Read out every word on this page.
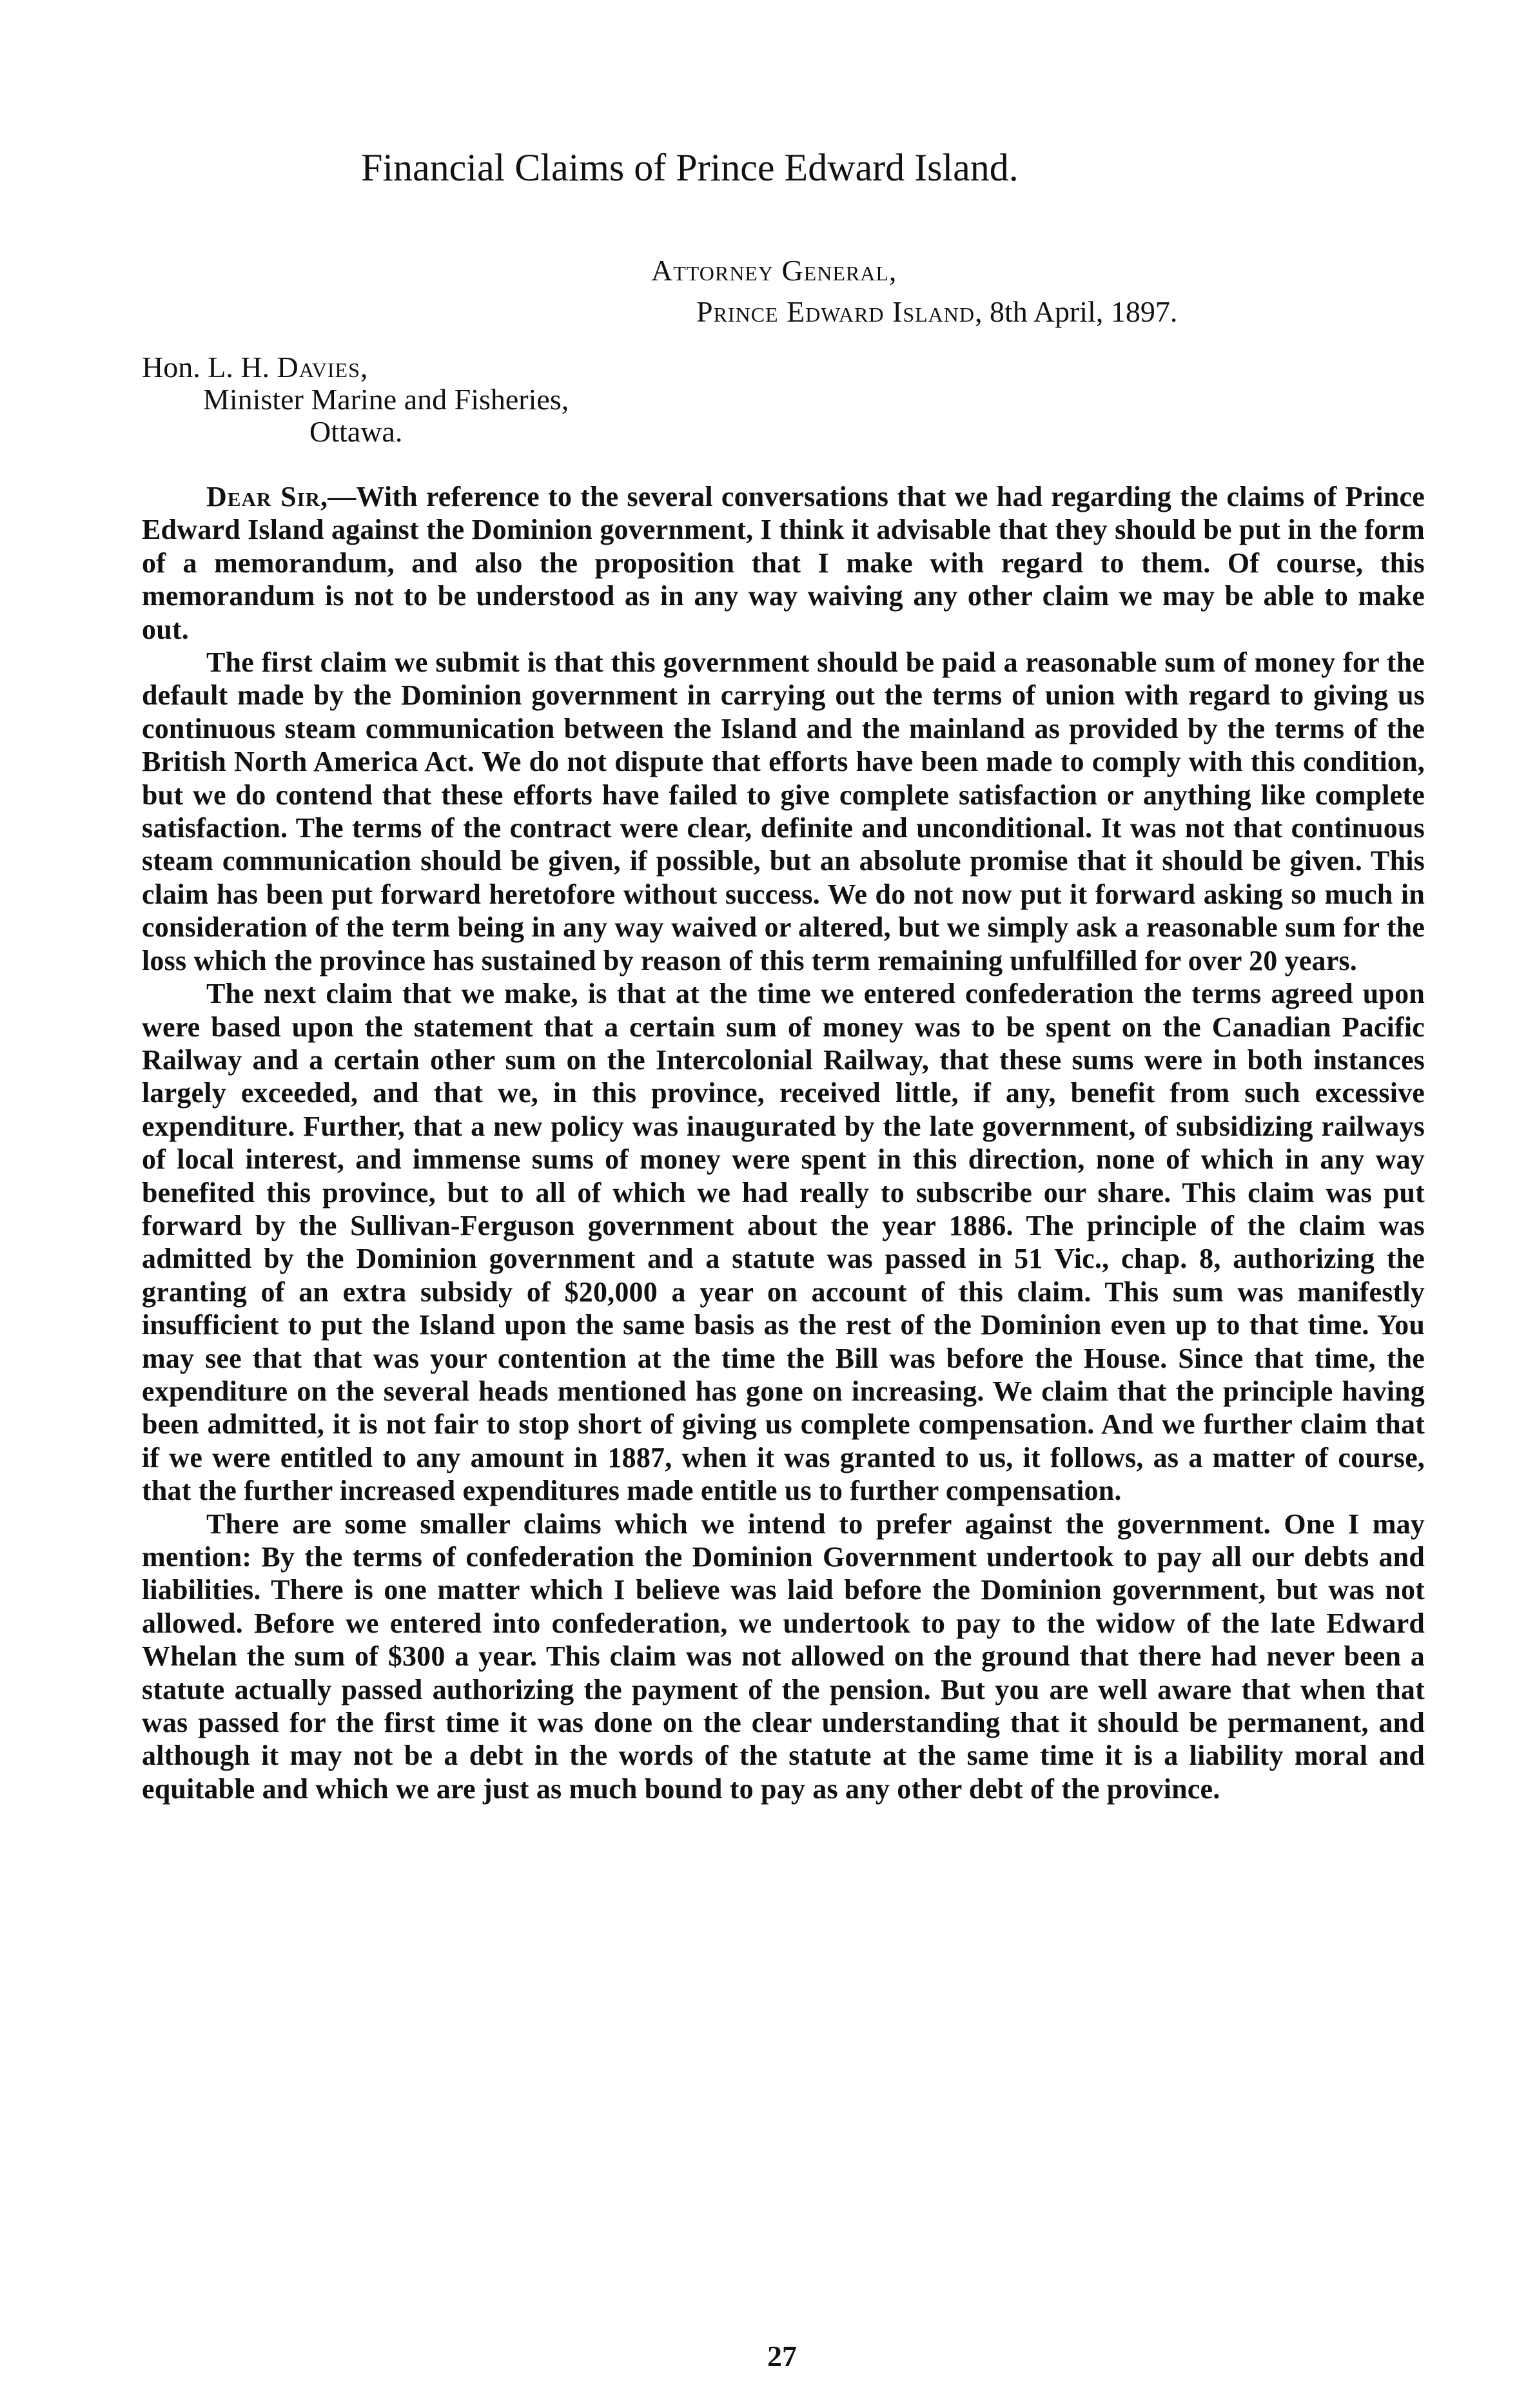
Financial Claims of Prince Edward Island.
Attorney General,
Prince Edward Island, 8th April, 1897.
Hon. L. H. Davies,
Minister Marine and Fisheries,
Ottawa.

Dear Sir,—With reference to the several conversations that we had regarding the claims of Prince Edward Island against the Dominion government, I think it advisable that they should be put in the form of a memorandum, and also the proposition that I make with regard to them. Of course, this memorandum is not to be understood as in any way waiving any other claim we may be able to make out.

The first claim we submit is that this government should be paid a reasonable sum of money for the default made by the Dominion government in carrying out the terms of union with regard to giving us continuous steam communication between the Island and the mainland as provided by the terms of the British North America Act. We do not dispute that efforts have been made to comply with this condition, but we do contend that these efforts have failed to give complete satisfaction or anything like complete satisfaction. The terms of the contract were clear, definite and unconditional. It was not that continuous steam communication should be given, if possible, but an absolute promise that it should be given. This claim has been put forward heretofore without success. We do not now put it forward asking so much in consideration of the term being in any way waived or altered, but we simply ask a reasonable sum for the loss which the province has sustained by reason of this term remaining unfulfilled for over 20 years.

The next claim that we make, is that at the time we entered confederation the terms agreed upon were based upon the statement that a certain sum of money was to be spent on the Canadian Pacific Railway and a certain other sum on the Intercolonial Railway, that these sums were in both instances largely exceeded, and that we, in this province, received little, if any, benefit from such excessive expenditure. Further, that a new policy was inaugurated by the late government, of subsidizing railways of local interest, and immense sums of money were spent in this direction, none of which in any way benefited this province, but to all of which we had really to subscribe our share. This claim was put forward by the Sullivan-Ferguson government about the year 1886. The principle of the claim was admitted by the Dominion government and a statute was passed in 51 Vic., chap. 8, authorizing the granting of an extra subsidy of $20,000 a year on account of this claim. This sum was manifestly insufficient to put the Island upon the same basis as the rest of the Dominion even up to that time. You may see that that was your contention at the time the Bill was before the House. Since that time, the expenditure on the several heads mentioned has gone on increasing. We claim that the principle having been admitted, it is not fair to stop short of giving us complete compensation. And we further claim that if we were entitled to any amount in 1887, when it was granted to us, it follows, as a matter of course, that the further increased expenditures made entitle us to further compensation.

There are some smaller claims which we intend to prefer against the government. One I may mention: By the terms of confederation the Dominion Government undertook to pay all our debts and liabilities. There is one matter which I believe was laid before the Dominion government, but was not allowed. Before we entered into confederation, we undertook to pay to the widow of the late Edward Whelan the sum of $300 a year. This claim was not allowed on the ground that there had never been a statute actually passed authorizing the payment of the pension. But you are well aware that when that was passed for the first time it was done on the clear understanding that it should be permanent, and although it may not be a debt in the words of the statute at the same time it is a liability moral and equitable and which we are just as much bound to pay as any other debt of the province.

27
